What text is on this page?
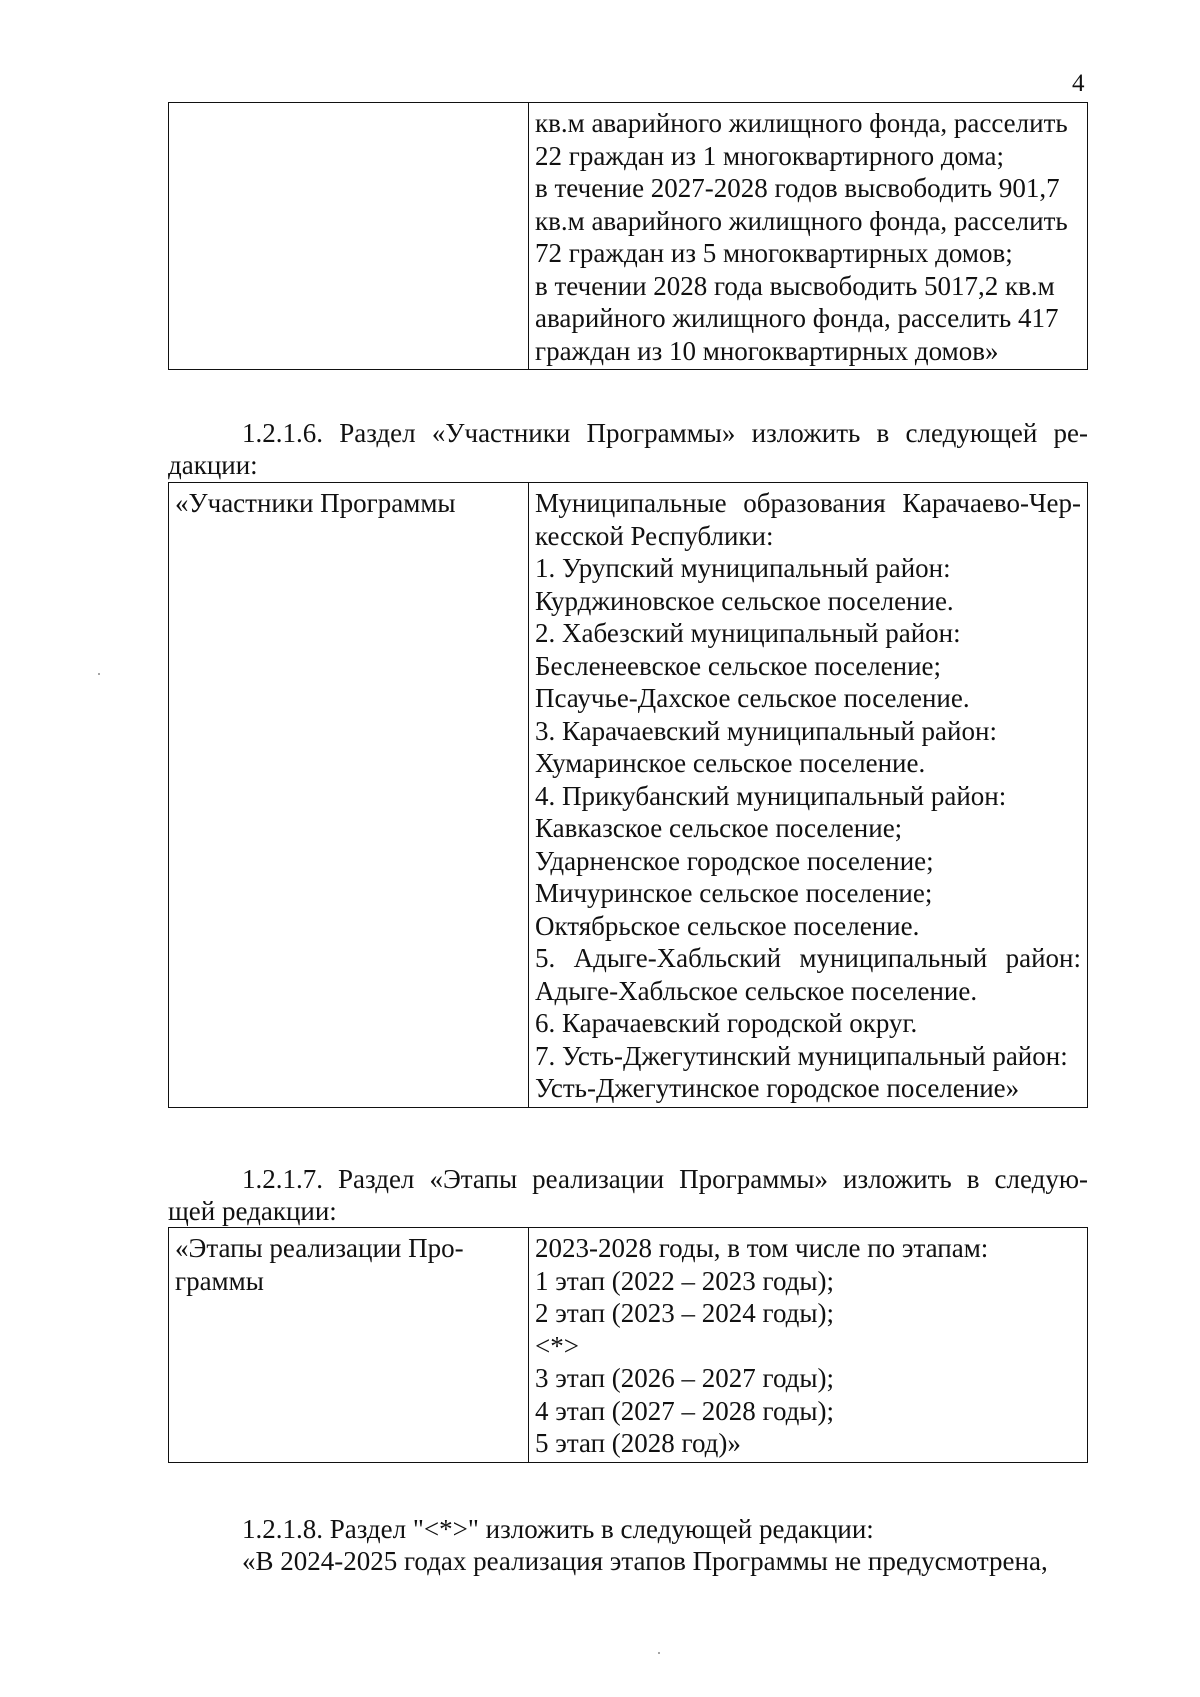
4

кв.м аварийного жилищного фонда, расселить
22 граждан из 1 многоквартирного дома;
в течение 2027-2028 годов высвободить 901,7
кв.м аварийного жилищного фонда, расселить
72 граждан из 5 многоквартирных домов;
в течении 2028 года высвободить 5017,2 кв.м
аварийного жилищного фонда, расселить 417
граждан из 10 многоквартирных домов»
1.2.1.6. Раздел «Участники Программы» изложить в следующей ре-
дакции:
«Участники Программы	Муниципальные образования Карачаево-Чер-
кесской Республики:
1. Урупский муниципальный район:
Курджиновское сельское поселение.
2. Хабезский муниципальный район:
Бесленеевское сельское поселение;
Псаучье-Дахское сельское поселение.
3. Карачаевский муниципальный район:
Хумаринское сельское поселение.
4. Прикубанский муниципальный район:
Кавказское сельское поселение;
Ударненское городское поселение;
Мичуринское сельское поселение;
Октябрьское сельское поселение.
5. Адыге-Хабльский муниципальный район:
Адыге-Хабльское сельское поселение.
6. Карачаевский городской округ.
7. Усть-Джегутинский муниципальный район:
Усть-Джегутинское городское поселение»
1.2.1.7. Раздел «Этапы реализации Программы» изложить в следую-
щей редакции:
«Этапы реализации Про-
граммы

2023-2028 годы, в том числе по этапам:
1 этап (2022 – 2023 годы);
2 этап (2023 – 2024 годы);
<*>
3 этап (2026 – 2027 годы);
4 этап (2027 – 2028 годы);
5 этап (2028 год)»
1.2.1.8. Раздел "<*>" изложить в следующей редакции:
«В 2024-2025 годах реализация этапов Программы не предусмотрена,
